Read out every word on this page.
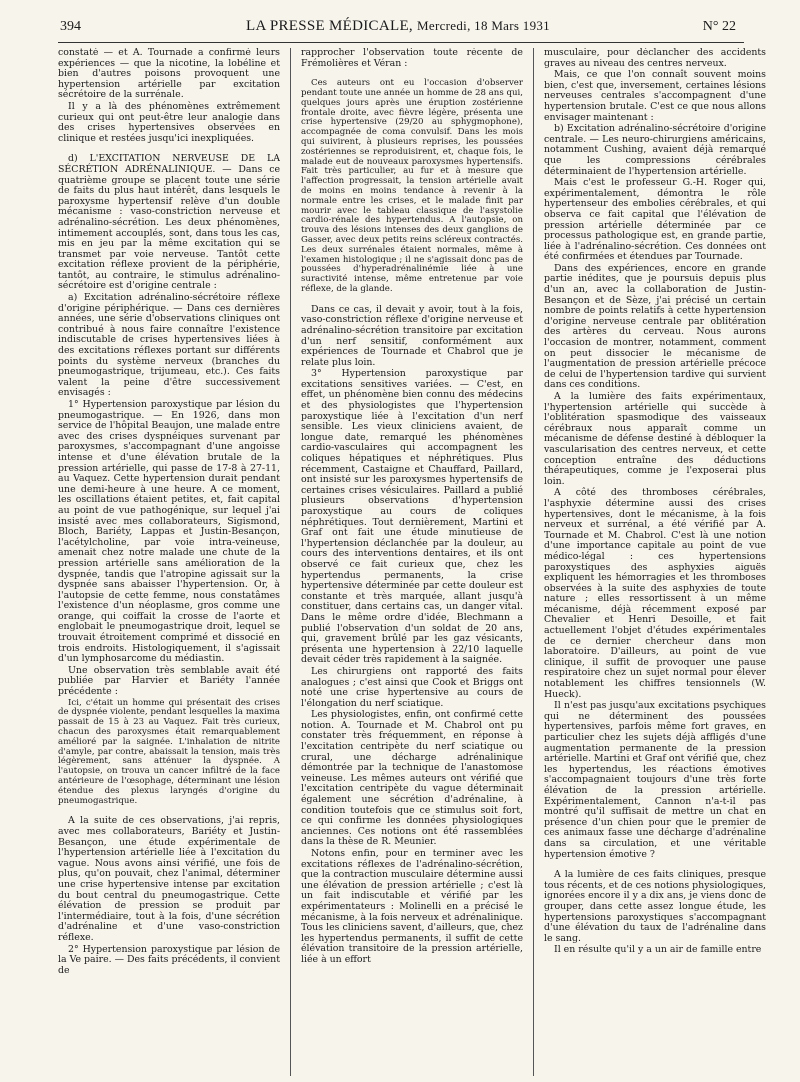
394	LA PRESSE MÉDICALE, Mercredi, 18 Mars 1931	N° 22

constaté — et A. Tournade a confirmé leurs expériences — que la nicotine, la lobéline et bien d'autres poisons provoquent une hypertension artérielle par excitation sécrétoire de la surrénale.

Il y a là des phénomènes extrêmement curieux qui ont peut-être leur analogie dans des crises hypertensives observées en clinique et restées jusqu'ici inexpliquées.

d) L'EXCITATION NERVEUSE DE LA SÉCRÉTION ADRÉNALINIQUE. — Dans ce quatrième groupe se placent toute une série de faits du plus haut intérêt, dans lesquels le paroxysme hypertensif relève d'un double mécanisme : vaso-constriction nerveuse et adrénalino-sécrétion. Les deux phénomènes, intimement accouplés, sont, dans tous les cas, mis en jeu par la même excitation qui se transmet par voie nerveuse. Tantôt cette excitation réflexe provient de la périphérie, tantôt, au contraire, le stimulus adrénalino-sécrétoire est d'origine centrale :

a) Excitation adrénalino-sécrétoire réflexe d'origine périphérique. — Dans ces dernières années, une série d'observations cliniques ont contribué à nous faire connaître l'existence indiscutable de crises hypertensives liées à des excitations réflexes portant sur différents points du système nerveux (branches du pneumogastrique, trijumeau, etc.). Ces faits valent la peine d'être successivement envisagés :

1° Hypertension paroxystique par lésion du pneumogastrique. — En 1926, dans mon service de l'hôpital Beaujon, une malade entre avec des crises dyspnéiques survenant par paroxysmes, s'accompagnant d'une angoisse intense et d'une élévation brutale de la pression artérielle, qui passe de 17-8 à 27-11, au Vaquez. Cette hypertension durait pendant une demi-heure à une heure. A ce moment, les oscillations étaient petites, et, fait capital au point de vue pathogénique, sur lequel j'ai insisté avec mes collaborateurs, Sigismond, Bloch, Bariéty, Lappas et Justin-Besançon, l'acétylcholine, par voie intra-veineuse, amenait chez notre malade une chute de la pression artérielle sans amélioration de la dyspnée, tandis que l'atropine agissait sur la dyspnée sans abaisser l'hypertension. Or, à l'autopsie de cette femme, nous constatâmes l'existence d'un néoplasme, gros comme une orange, qui coiffait la crosse de l'aorte et englobait le pneumogastrique droit, lequel se trouvait étroitement comprimé et dissocié en trois endroits. Histologiquement, il s'agissait d'un lymphosarcome du médiastin.

Une observation très semblable avait été publiée par Harvier et Bariéty l'année précédente :

Ici, c'était un homme qui présentait des crises de dyspnée violente, pendant lesquelles la maxima passait de 15 à 23 au Vaquez. Fait très curieux, chacun des paroxysmes était remarquablement amélioré par la saignée. L'inhalation de nitrite d'amyle, par contre, abaissait la tension, mais très légèrement, sans atténuer la dyspnée. A l'autopsie, on trouva un cancer infiltré de la face antérieure de l'œsophage, déterminant une lésion étendue des plexus laryngés d'origine du pneumogastrique.

A la suite de ces observations, j'ai repris, avec mes collaborateurs, Bariéty et Justin-Besançon, une étude expérimentale de l'hypertension artérielle liée à l'excitation du vague. Nous avons ainsi vérifié, une fois de plus, qu'on pouvait, chez l'animal, déterminer une crise hypertensive intense par excitation du bout central du pneumogastrique. Cette élévation de pression se produit par l'intermédiaire, tout à la fois, d'une sécrétion d'adrénaline et d'une vaso-constriction réflexe.

2° Hypertension paroxystique par lésion de la Ve paire. — Des faits précédents, il convient de

rapprocher l'observation toute récente de Frémolières et Véran :

Ces auteurs ont eu l'occasion d'observer pendant toute une année un homme de 28 ans qui, quelques jours après une éruption zostérienne frontale droite, avec fièvre légère, présenta une crise hypertensive (29/20 au sphygmophone), accompagnée de coma convulsif. Dans les mois qui suivirent, à plusieurs reprises, les poussées zostériennes se reproduisirent, et, chaque fois, le malade eut de nouveaux paroxysmes hypertensifs. Fait très particulier, au fur et à mesure que l'affection progressait, la tension artérielle avait de moins en moins tendance à revenir à la normale entre les crises, et le malade finit par mourir avec le tableau classique de l'asystolie cardio-rénale des hypertendus. A l'autopsie, on trouva des lésions intenses des deux ganglions de Gasser, avec deux petits reins scléreux contractés. Les deux surrénales étaient normales, même à l'examen histologique ; il ne s'agissait donc pas de poussées d'hyperadrénalinémie liée à une suractivité intense, même entretenue par voie réflexe, de la glande.

Dans ce cas, il devait y avoir, tout à la fois, vaso-constriction réflexe d'origine nerveuse et adrénalino-sécrétion transitoire par excitation d'un nerf sensitif, conformément aux expériences de Tournade et Chabrol que je relate plus loin.

3° Hypertension paroxystique par excitations sensitives variées. — C'est, en effet, un phénomène bien connu des médecins et des physiologistes que l'hypertension paroxystique liée à l'excitation d'un nerf sensible. Les vieux cliniciens avaient, de longue date, remarqué les phénomènes cardio-vasculaires qui accompagnent les coliques hépatiques et néphrétiques. Plus récemment, Castaigne et Chauffard, Paillard, ont insisté sur les paroxysmes hypertensifs de certaines crises vésiculaires. Paillard a publié plusieurs observations d'hypertension paroxystique au cours de coliques néphrétiques. Tout dernièrement, Martini et Graf ont fait une étude minutieuse de l'hypertension déclanchée par la douleur, au cours des interventions dentaires, et ils ont observé ce fait curieux que, chez les hypertendus permanents, la crise hypertensive déterminée par cette douleur est constante et très marquée, allant jusqu'à constituer, dans certains cas, un danger vital. Dans le même ordre d'idée, Blechmann a publié l'observation d'un soldat de 20 ans, qui, gravement brûlé par les gaz vésicants, présenta une hypertension à 22/10 laquelle devait céder très rapidement à la saignée.

Les chirurgiens ont rapporté des faits analogues ; c'est ainsi que Cook et Briggs ont noté une crise hypertensive au cours de l'élongation du nerf sciatique.

Les physiologistes, enfin, ont confirmé cette notion. A. Tournade et M. Chabrol ont pu constater très fréquemment, en réponse à l'excitation centripète du nerf sciatique ou crural, une décharge adrénalinique démontrée par la technique de l'anastomose veineuse. Les mêmes auteurs ont vérifié que l'excitation centripète du vague déterminait également une sécrétion d'adrénaline, à condition toutefois que ce stimulus soit fort, ce qui confirme les données physiologiques anciennes. Ces notions ont été rassemblées dans la thèse de R. Meunier.

Notons enfin, pour en terminer avec les excitations réflexes de l'adrénalino-sécrétion, que la contraction musculaire détermine aussi une élévation de pression artérielle ; c'est là un fait indiscutable et vérifié par les expérimentateurs : Molinelli en a précisé le mécanisme, à la fois nerveux et adrénalinique. Tous les cliniciens savent, d'ailleurs, que, chez les hypertendus permanents, il suffit de cette élévation transitoire de la pression artérielle, liée à un effort

musculaire, pour déclancher des accidents graves au niveau des centres nerveux.

Mais, ce que l'on connaît souvent moins bien, c'est que, inversement, certaines lésions nerveuses centrales s'accompagnent d'une hypertension brutale. C'est ce que nous allons envisager maintenant :

b) Excitation adrénalino-sécrétoire d'origine centrale. — Les neuro-chirurgiens américains, notamment Cushing, avaient déjà remarqué que les compressions cérébrales déterminaient de l'hypertension artérielle.

Mais c'est le professeur G.-H. Roger qui, expérimentalement, démontra le rôle hypertenseur des embolies cérébrales, et qui observa ce fait capital que l'élévation de pression artérielle déterminée par ce processus pathologique est, en grande partie, liée à l'adrénalino-sécrétion. Ces données ont été confirmées et étendues par Tournade.

Dans des expériences, encore en grande partie inédites, que je poursuis depuis plus d'un an, avec la collaboration de Justin-Besançon et de Sèze, j'ai précisé un certain nombre de points relatifs à cette hypertension d'origine nerveuse centrale par oblitération des artères du cerveau. Nous aurons l'occasion de montrer, notamment, comment on peut dissocier le mécanisme de l'augmentation de pression artérielle précoce de celui de l'hypertension tardive qui survient dans ces conditions.

A la lumière des faits expérimentaux, l'hypertension artérielle qui succède à l'oblitération spasmodique des vaisseaux cérébraux nous apparaît comme un mécanisme de défense destiné à débloquer la vascularisation des centres nerveux, et cette conception entraîne des déductions thérapeutiques, comme je l'exposerai plus loin.

A côté des thromboses cérébrales, l'asphyxie détermine aussi des crises hypertensives, dont le mécanisme, à la fois nerveux et surrénal, a été vérifié par A. Tournade et M. Chabrol. C'est là une notion d'une importance capitale au point de vue médico-légal : ces hypertensions paroxystiques des asphyxies aiguës expliquent les hémorragies et les thromboses observées à la suite des asphyxies de toute nature ; elles ressortissent à un même mécanisme, déjà récemment exposé par Chevalier et Henri Desoille, et fait actuellement l'objet d'études expérimentales de ce dernier chercheur dans mon laboratoire. D'ailleurs, au point de vue clinique, il suffit de provoquer une pause respiratoire chez un sujet normal pour élever notablement les chiffres tensionnels (W. Hueck).

Il n'est pas jusqu'aux excitations psychiques qui ne déterminent des poussées hypertensives, parfois même fort graves, en particulier chez les sujets déjà affligés d'une augmentation permanente de la pression artérielle. Martini et Graf ont vérifié que, chez les hypertendus, les réactions émotives s'accompagnaient toujours d'une très forte élévation de la pression artérielle. Expérimentalement, Cannon n'a-t-il pas montré qu'il suffisait de mettre un chat en présence d'un chien pour que le premier de ces animaux fasse une décharge d'adrénaline dans sa circulation, et une véritable hypertension émotive ?

A la lumière de ces faits cliniques, presque tous récents, et de ces notions physiologiques, ignorées encore il y a dix ans, je viens donc de grouper, dans cette assez longue étude, les hypertensions paroxystiques s'accompagnant d'une élévation du taux de l'adrénaline dans le sang.

Il en résulte qu'il y a un air de famille entre
